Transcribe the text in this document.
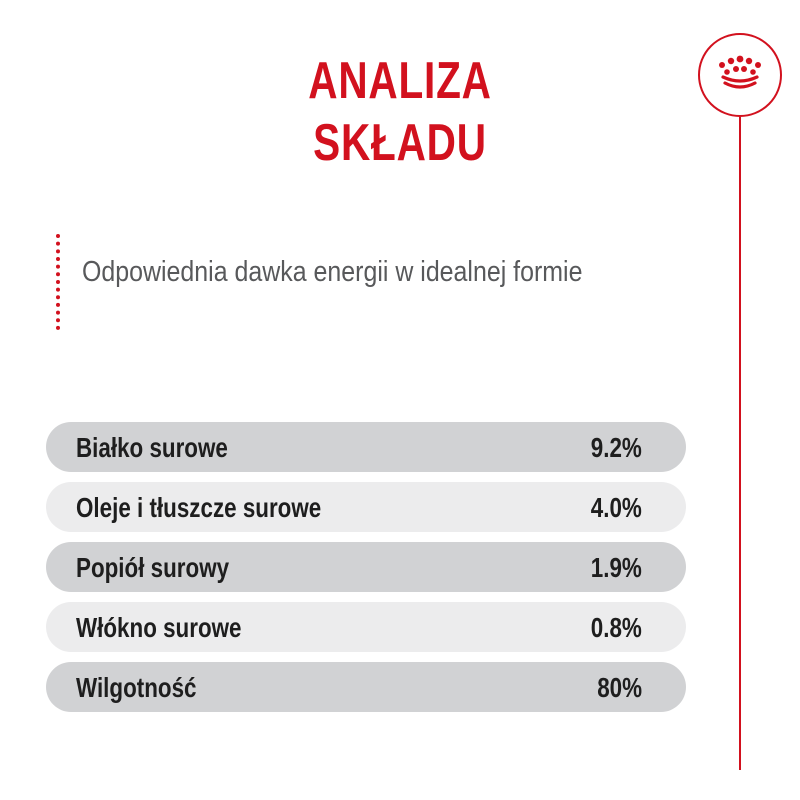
ANALIZA
SKŁADU
Odpowiednia dawka energii w idealnej formie
Białko surowe	9.2%
Oleje i tłuszcze surowe	4.0%
Popiół surowy	1.9%
Włókno surowe	0.8%
Wilgotność	80%
